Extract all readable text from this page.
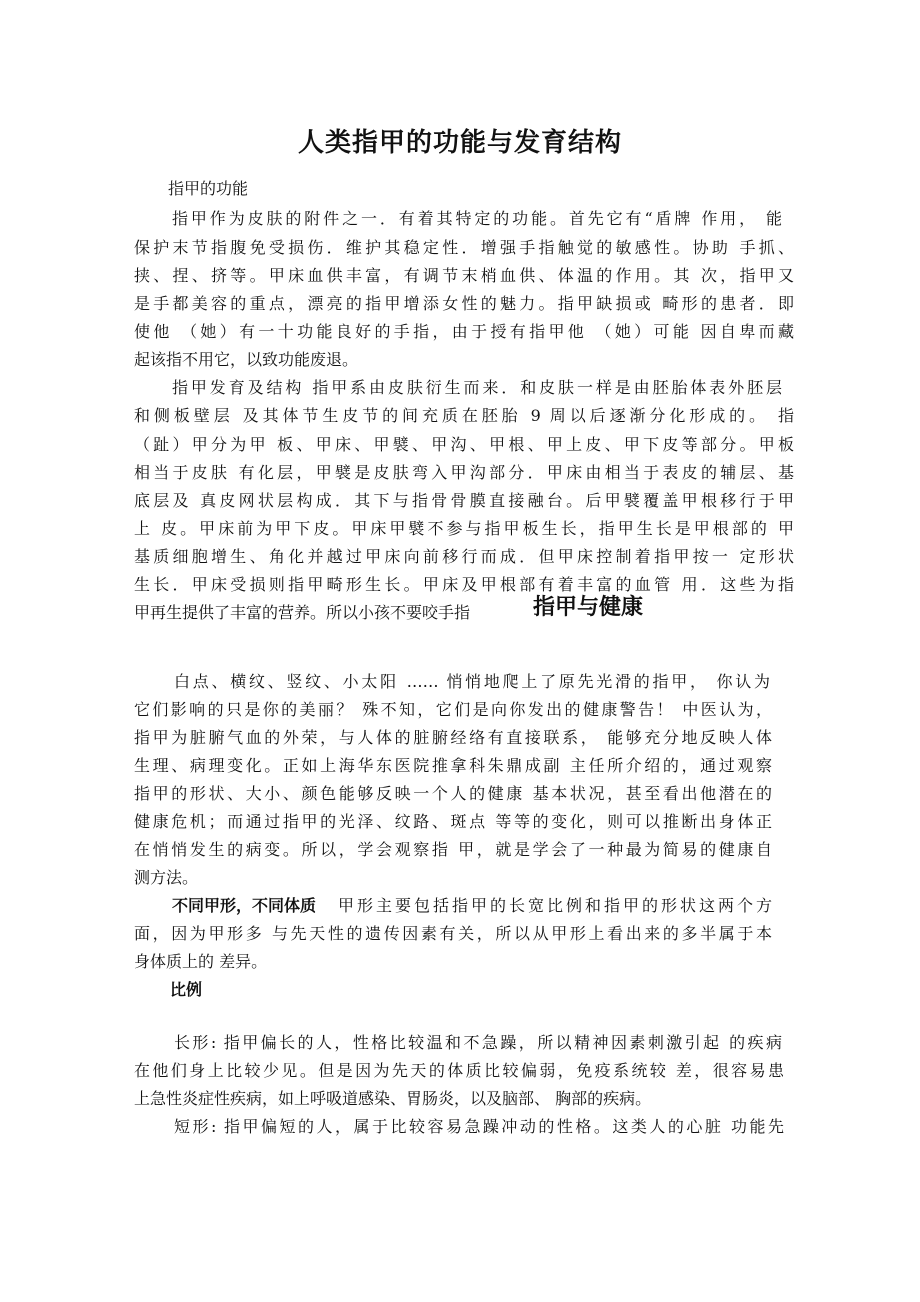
人类指甲的功能与发育结构
指甲的功能
指甲作为皮肤的附件之一．有着其特定的功能。首先它有“盾牌 作用， 能
保护末节指腹免受损伤．维护其稳定性．增强手指触觉的敏感性。协助 手抓、
挟、捏、挤等。甲床血供丰富，有调节末梢血供、体温的作用。其 次，指甲又
是手都美容的重点，漂亮的指甲增添女性的魅力。指甲缺损或 畸形的患者．即
使他 （她）有一十功能良好的手指，由于授有指甲他 （她）可能 因自卑而藏
起该指不用它，以致功能废退。
指甲发育及结构 指甲系由皮肤衍生而来．和皮肤一样是由胚胎体表外胚层
和侧板壁层 及其体节生皮节的间充质在胚胎 9 周以后逐渐分化形成的。 指
（趾）甲分为甲 板、甲床、甲襞、甲沟、甲根、甲上皮、甲下皮等部分。甲板
相当于皮肤 有化层，甲襞是皮肤弯入甲沟部分．甲床由相当于表皮的辅层、基
底层及 真皮网状层构成．其下与指骨骨膜直接融台。后甲襞覆盖甲根移行于甲
上 皮。甲床前为甲下皮。甲床甲襞不参与指甲板生长，指甲生长是甲根部的 甲
基质细胞增生、角化并越过甲床向前移行而成．但甲床控制着指甲按一 定形状
生长．甲床受损则指甲畸形生长。甲床及甲根部有着丰富的血管 用．这些为指
甲再生提供了丰富的营养。所以小孩不要咬手指	指甲与健康
白点、横纹、竖纹、小太阳 …… 悄悄地爬上了原先光滑的指甲， 你认为
它们影响的只是你的美丽？ 殊不知，它们是向你发出的健康警告！ 中医认为，
指甲为脏腑气血的外荣，与人体的脏腑经络有直接联系， 能够充分地反映人体
生理、病理变化。正如上海华东医院推拿科朱鼎成副 主任所介绍的，通过观察
指甲的形状、大小、颜色能够反映一个人的健康 基本状况，甚至看出他潜在的
健康危机；而通过指甲的光泽、纹路、斑点 等等的变化，则可以推断出身体正
在悄悄发生的病变。所以，学会观察指 甲，就是学会了一种最为简易的健康自
测方法。
不同甲形，不同体质 甲形主要包括指甲的长宽比例和指甲的形状这两个方
面，因为甲形多 与先天性的遗传因素有关，所以从甲形上看出来的多半属于本
身体质上的 差异。
比例
长形: 指甲偏长的人，性格比较温和不急躁，所以精神因素刺激引起 的疾病
在他们身上比较少见。但是因为先天的体质比较偏弱，免疫系统较 差，很容易患
上急性炎症性疾病，如上呼吸道感染、胃肠炎，以及脑部、 胸部的疾病。
短形: 指甲偏短的人，属于比较容易急躁冲动的性格。这类人的心脏 功能先
